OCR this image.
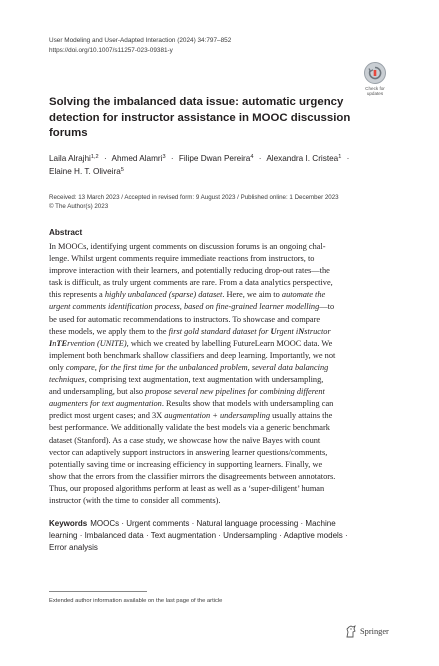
User Modeling and User-Adapted Interaction (2024) 34:797–852
https://doi.org/10.1007/s11257-023-09381-y
Check for
updates
Solving the imbalanced data issue: automatic urgency
detection for instructor assistance in MOOC discussion
forums
Laila Alrajhi$^{1,2}$ · Ahmed Alamri$^3$ · Filipe Dwan Pereira$^4$ · Alexandra I. Cristea$^1$ ·
Elaine H. T. Oliveira$^5$
Received: 13 March 2023 / Accepted in revised form: 9 August 2023 / Published online: 1 December 2023
© The Author(s) 2023
Abstract
In MOOCs, identifying urgent comments on discussion forums is an ongoing chal-
lenge. Whilst urgent comments require immediate reactions from instructors, to
improve interaction with their learners, and potentially reducing drop-out rates—the
task is difficult, as truly urgent comments are rare. From a data analytics perspective,
this represents a highly unbalanced (sparse) dataset. Here, we aim to automate the
urgent comments identification process, based on fine-grained learner modelling—to
be used for automatic recommendations to instructors. To showcase and compare
these models, we apply them to the first gold standard dataset for Urgent iNstructor
InTErvention (UNITE), which we created by labelling FutureLearn MOOC data. We
implement both benchmark shallow classifiers and deep learning. Importantly, we not
only compare, for the first time for the unbalanced problem, several data balancing
techniques, comprising text augmentation, text augmentation with undersampling,
and undersampling, but also propose several new pipelines for combining different
augmenters for text augmentation. Results show that models with undersampling can
predict most urgent cases; and 3X augmentation + undersampling usually attains the
best performance. We additionally validate the best models via a generic benchmark
dataset (Stanford). As a case study, we showcase how the naïve Bayes with count
vector can adaptively support instructors in answering learner questions/comments,
potentially saving time or increasing efficiency in supporting learners. Finally, we
show that the errors from the classifier mirrors the disagreements between annotators.
Thus, our proposed algorithms perform at least as well as a ‘super-diligent’ human
instructor (with the time to consider all comments).
Keywords MOOCs · Urgent comments · Natural language processing · Machine
learning · Imbalanced data · Text augmentation · Undersampling · Adaptive models ·
Error analysis
Extended author information available on the last page of the article
Springer
